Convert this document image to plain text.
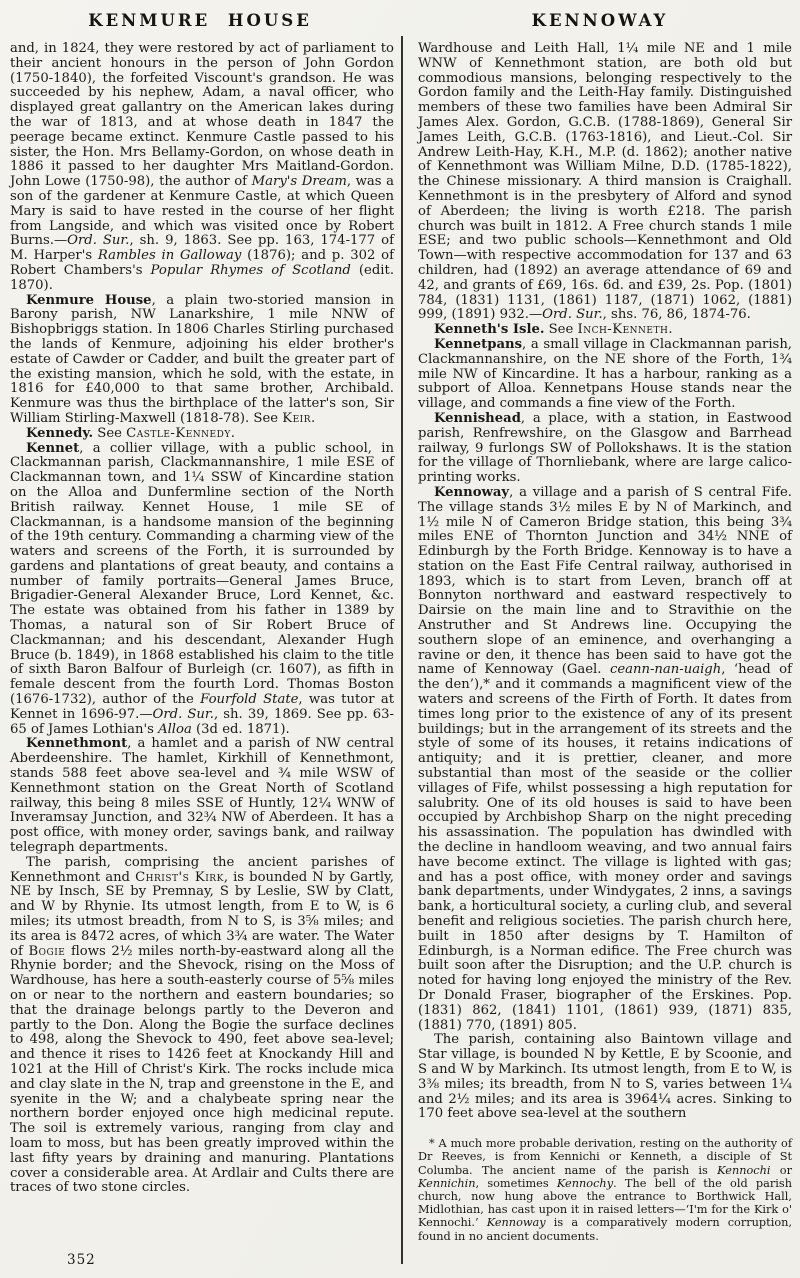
KENMURE HOUSE	KENNOWAY

and, in 1824, they were restored by act of parliament to their ancient honours in the person of John Gordon (1750-1840), the forfeited Viscount's grandson. He was succeeded by his nephew, Adam, a naval officer, who displayed great gallantry on the American lakes during the war of 1813, and at whose death in 1847 the peerage became extinct. Kenmure Castle passed to his sister, the Hon. Mrs Bellamy-Gordon, on whose death in 1886 it passed to her daughter Mrs Maitland-Gordon. John Lowe (1750-98), the author of Mary's Dream, was a son of the gardener at Kenmure Castle, at which Queen Mary is said to have rested in the course of her flight from Langside, and which was visited once by Robert Burns.—Ord. Sur., sh. 9, 1863. See pp. 163, 174-177 of M. Harper's Rambles in Galloway (1876); and p. 302 of Robert Chambers's Popular Rhymes of Scotland (edit. 1870).

Kenmure House, a plain two-storied mansion in Barony parish, NW Lanarkshire, 1 mile NNW of Bishopbriggs station. In 1806 Charles Stirling purchased the lands of Kenmure, adjoining his elder brother's estate of Cawder or Cadder, and built the greater part of the existing mansion, which he sold, with the estate, in 1816 for £40,000 to that same brother, Archibald. Kenmure was thus the birthplace of the latter's son, Sir William Stirling-Maxwell (1818-78). See Keir.

Kennedy. See Castle-Kennedy.

Kennet, a collier village, with a public school, in Clackmannan parish, Clackmannanshire, 1 mile ESE of Clackmannan town, and 1¼ SSW of Kincardine station on the Alloa and Dunfermline section of the North British railway. Kennet House, 1 mile SE of Clackmannan, is a handsome mansion of the beginning of the 19th century. Commanding a charming view of the waters and screens of the Forth, it is surrounded by gardens and plantations of great beauty, and contains a number of family portraits—General James Bruce, Brigadier-General Alexander Bruce, Lord Kennet, &c. The estate was obtained from his father in 1389 by Thomas, a natural son of Sir Robert Bruce of Clackmannan; and his descendant, Alexander Hugh Bruce (b. 1849), in 1868 established his claim to the title of sixth Baron Balfour of Burleigh (cr. 1607), as fifth in female descent from the fourth Lord. Thomas Boston (1676-1732), author of the Fourfold State, was tutor at Kennet in 1696-97.—Ord. Sur., sh. 39, 1869. See pp. 63-65 of James Lothian's Alloa (3d ed. 1871).

Kennethmont, a hamlet and a parish of NW central Aberdeenshire. The hamlet, Kirkhill of Kennethmont, stands 588 feet above sea-level and ¾ mile WSW of Kennethmont station on the Great North of Scotland railway, this being 8 miles SSE of Huntly, 12¼ WNW of Inveramsay Junction, and 32¾ NW of Aberdeen. It has a post office, with money order, savings bank, and railway telegraph departments.

The parish, comprising the ancient parishes of Kennethmont and Christ's Kirk, is bounded N by Gartly, NE by Insch, SE by Premnay, S by Leslie, SW by Clatt, and W by Rhynie. Its utmost length, from E to W, is 6 miles; its utmost breadth, from N to S, is 3⅝ miles; and its area is 8472 acres, of which 3¾ are water. The Water of Bogie flows 2½ miles north-by-eastward along all the Rhynie border; and the Shevock, rising on the Moss of Wardhouse, has here a south-easterly course of 5⅝ miles on or near to the northern and eastern boundaries; so that the drainage belongs partly to the Deveron and partly to the Don. Along the Bogie the surface declines to 498, along the Shevock to 490, feet above sea-level; and thence it rises to 1426 feet at Knockandy Hill and 1021 at the Hill of Christ's Kirk. The rocks include mica and clay slate in the N, trap and greenstone in the E, and syenite in the W; and a chalybeate spring near the northern border enjoyed once high medicinal repute. The soil is extremely various, ranging from clay and loam to moss, but has been greatly improved within the last fifty years by draining and manuring. Plantations cover a considerable area. At Ardlair and Cults there are traces of two stone circles.

Wardhouse and Leith Hall, 1¼ mile NE and 1 mile WNW of Kennethmont station, are both old but commodious mansions, belonging respectively to the Gordon family and the Leith-Hay family. Distinguished members of these two families have been Admiral Sir James Alex. Gordon, G.C.B. (1788-1869), General Sir James Leith, G.C.B. (1763-1816), and Lieut.-Col. Sir Andrew Leith-Hay, K.H., M.P. (d. 1862); another native of Kennethmont was William Milne, D.D. (1785-1822), the Chinese missionary. A third mansion is Craighall. Kennethmont is in the presbytery of Alford and synod of Aberdeen; the living is worth £218. The parish church was built in 1812. A Free church stands 1 mile ESE; and two public schools—Kennethmont and Old Town—with respective accommodation for 137 and 63 children, had (1892) an average attendance of 69 and 42, and grants of £69, 16s. 6d. and £39, 2s. Pop. (1801) 784, (1831) 1131, (1861) 1187, (1871) 1062, (1881) 999, (1891) 932.—Ord. Sur., shs. 76, 86, 1874-76.

Kenneth's Isle. See Inch-Kenneth.

Kennetpans, a small village in Clackmannan parish, Clackmannanshire, on the NE shore of the Forth, 1¾ mile NW of Kincardine. It has a harbour, ranking as a subport of Alloa. Kennetpans House stands near the village, and commands a fine view of the Forth.

Kennishead, a place, with a station, in Eastwood parish, Renfrewshire, on the Glasgow and Barrhead railway, 9 furlongs SW of Pollokshaws. It is the station for the village of Thornliebank, where are large calico-printing works.

Kennoway, a village and a parish of S central Fife. The village stands 3½ miles E by N of Markinch, and 1½ mile N of Cameron Bridge station, this being 3¾ miles ENE of Thornton Junction and 34½ NNE of Edinburgh by the Forth Bridge. Kennoway is to have a station on the East Fife Central railway, authorised in 1893, which is to start from Leven, branch off at Bonnyton northward and eastward respectively to Dairsie on the main line and to Stravithie on the Anstruther and St Andrews line. Occupying the southern slope of an eminence, and overhanging a ravine or den, it thence has been said to have got the name of Kennoway (Gael. ceann-nan-uaigh, ‘head of the den’),* and it commands a magnificent view of the waters and screens of the Firth of Forth. It dates from times long prior to the existence of any of its present buildings; but in the arrangement of its streets and the style of some of its houses, it retains indications of antiquity; and it is prettier, cleaner, and more substantial than most of the seaside or the collier villages of Fife, whilst possessing a high reputation for salubrity. One of its old houses is said to have been occupied by Archbishop Sharp on the night preceding his assassination. The population has dwindled with the decline in handloom weaving, and two annual fairs have become extinct. The village is lighted with gas; and has a post office, with money order and savings bank departments, under Windygates, 2 inns, a savings bank, a horticultural society, a curling club, and several benefit and religious societies. The parish church here, built in 1850 after designs by T. Hamilton of Edinburgh, is a Norman edifice. The Free church was built soon after the Disruption; and the U.P. church is noted for having long enjoyed the ministry of the Rev. Dr Donald Fraser, biographer of the Erskines. Pop. (1831) 862, (1841) 1101, (1861) 939, (1871) 835, (1881) 770, (1891) 805.

The parish, containing also Baintown village and Star village, is bounded N by Kettle, E by Scoonie, and S and W by Markinch. Its utmost length, from E to W, is 3⅜ miles; its breadth, from N to S, varies between 1¼ and 2½ miles; and its area is 3964¼ acres. Sinking to 170 feet above sea-level at the southern

* A much more probable derivation, resting on the authority of Dr Reeves, is from Kennichi or Kenneth, a disciple of St Columba. The ancient name of the parish is Kennochi or Kennichin, sometimes Kennochy. The bell of the old parish church, now hung above the entrance to Borthwick Hall, Midlothian, has cast upon it in raised letters—‘I'm for the Kirk o' Kennochi.’ Kennoway is a comparatively modern corruption, found in no ancient documents.

352
